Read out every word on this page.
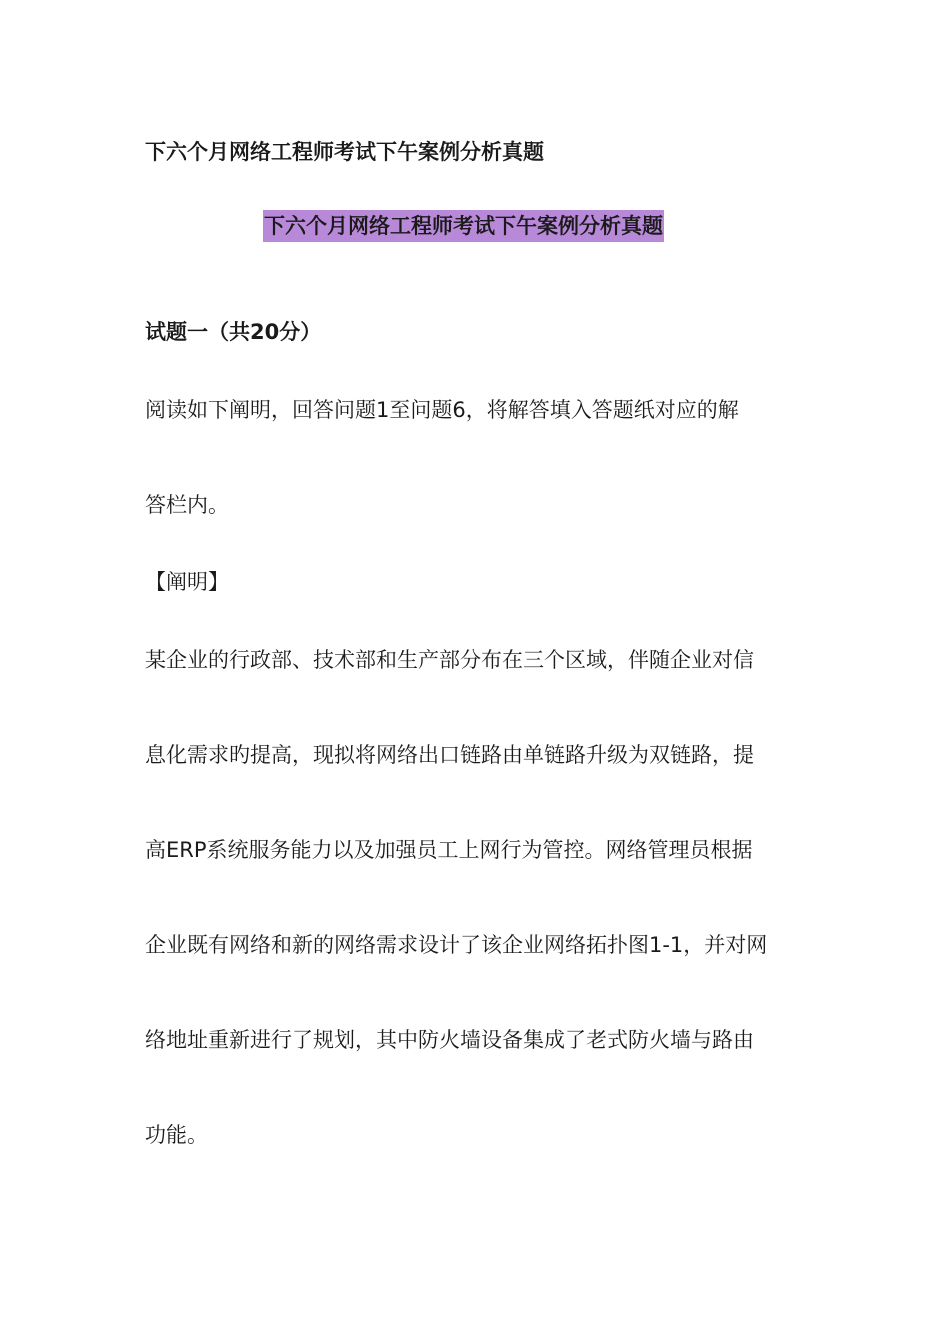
下六个月网络工程师考试下午案例分析真题
下六个月网络工程师考试下午案例分析真题
试题一（共20分）
阅读如下阐明，回答问题1至问题6，将解答填入答题纸对应的解
答栏内。
【阐明】
某企业的行政部、技术部和生产部分布在三个区域，伴随企业对信
息化需求旳提高，现拟将网络出口链路由单链路升级为双链路，提
高ERP系统服务能力以及加强员工上网行为管控。网络管理员根据
企业既有网络和新的网络需求设计了该企业网络拓扑图1-1，并对网
络地址重新进行了规划，其中防火墙设备集成了老式防火墙与路由
功能。
